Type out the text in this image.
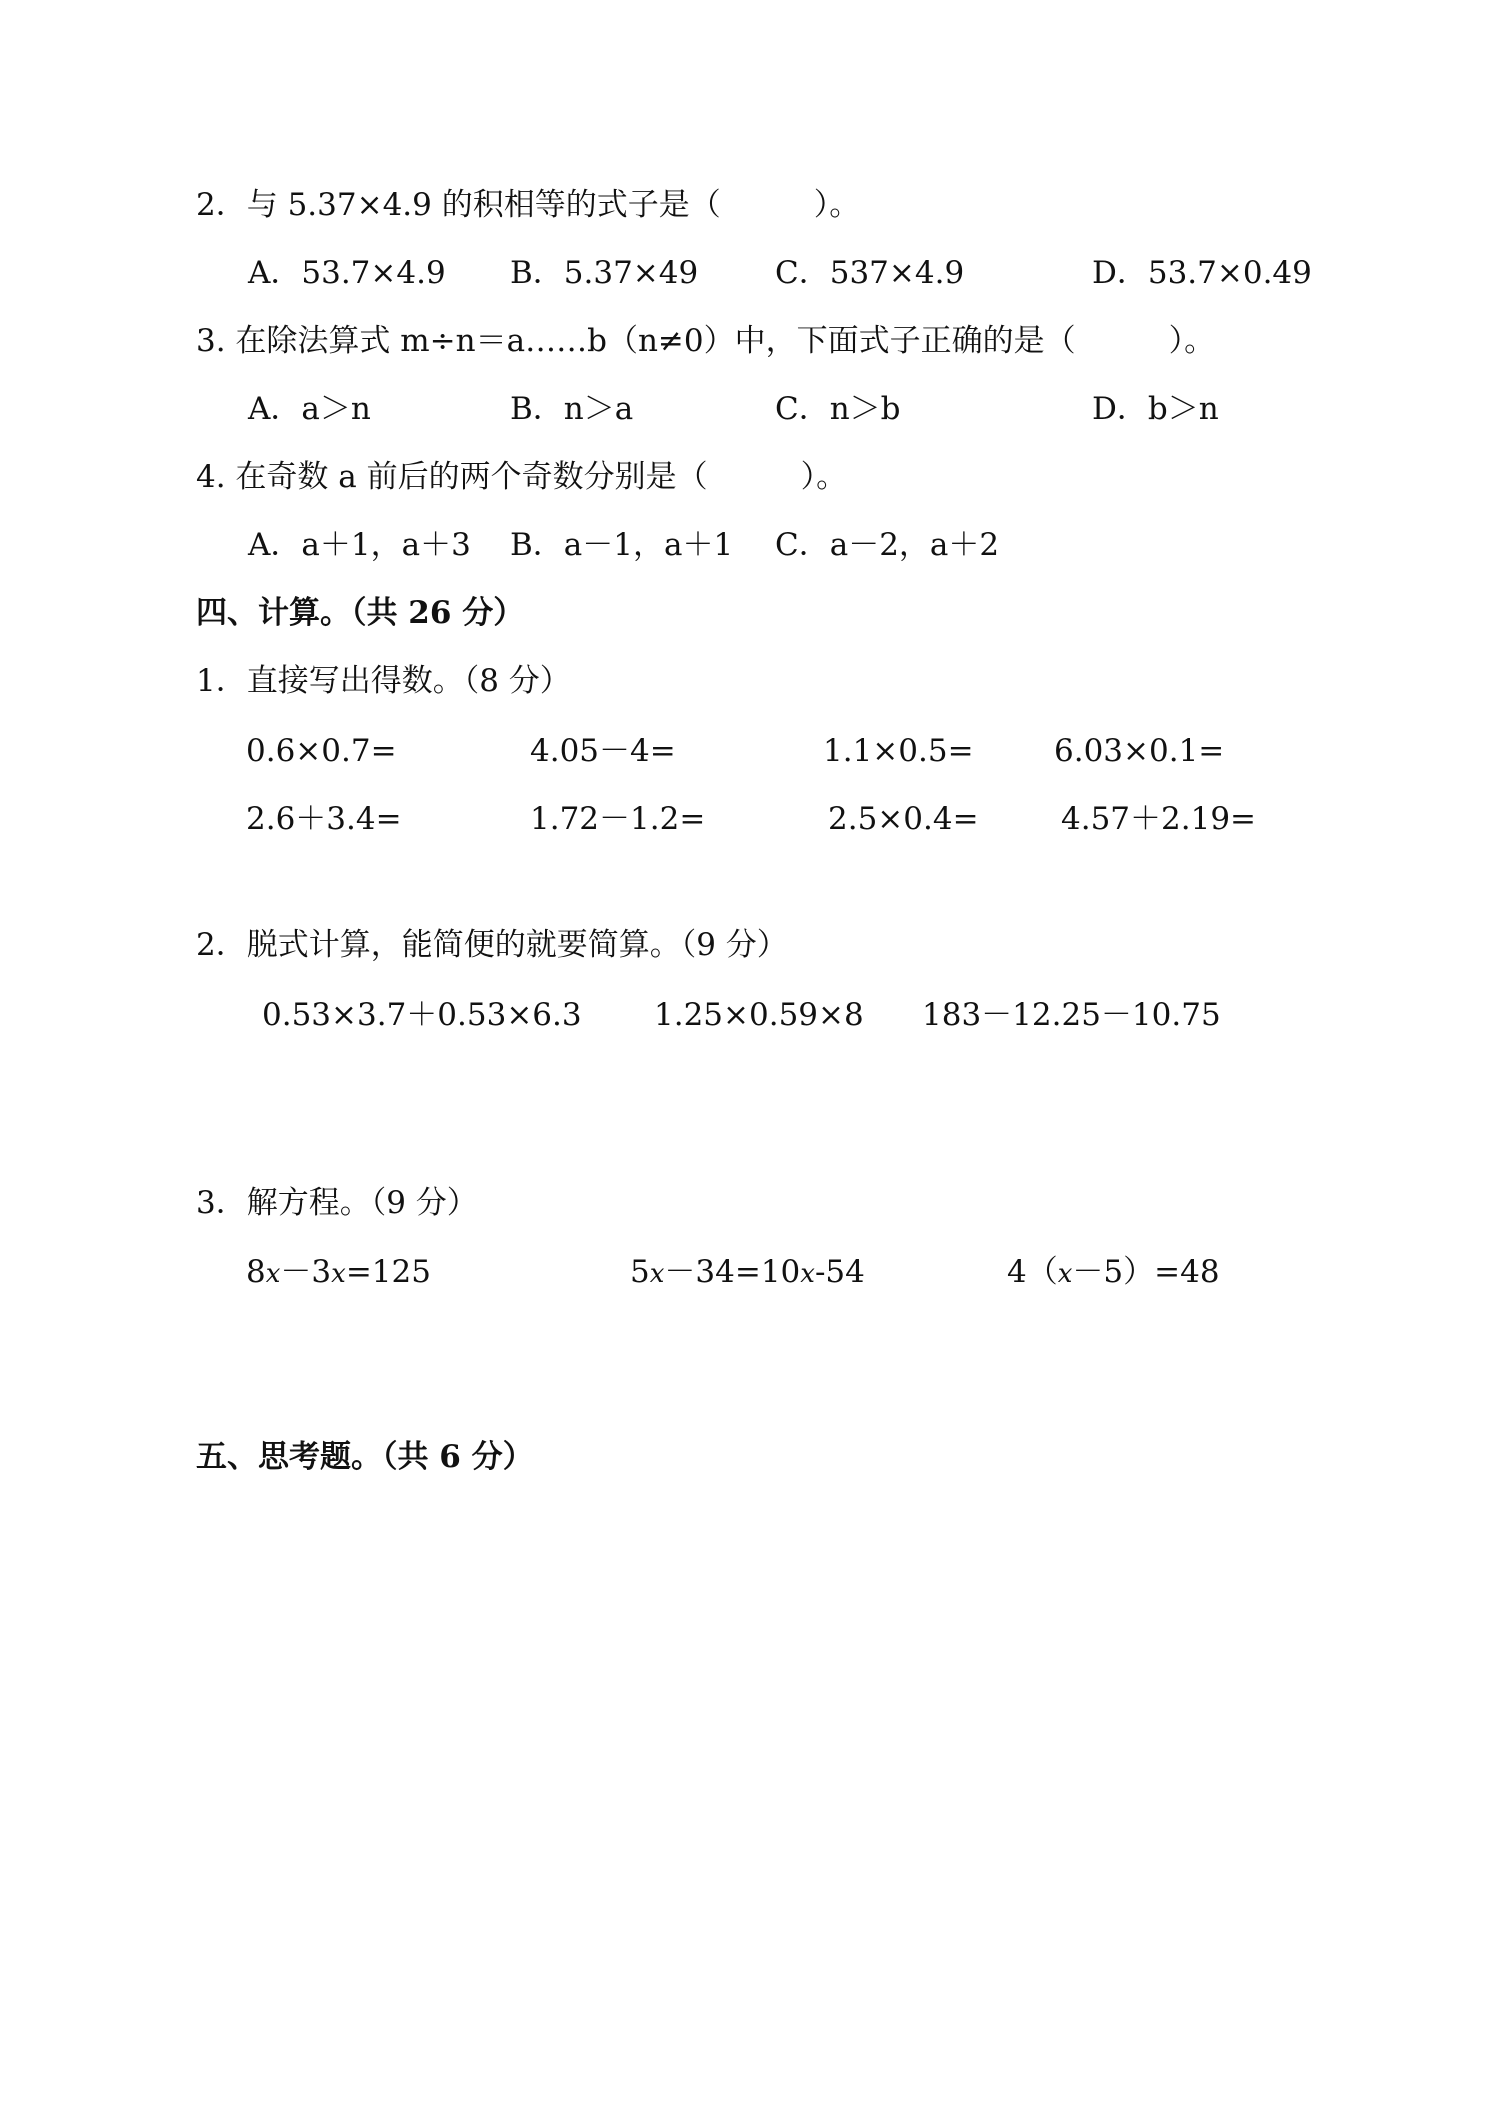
2．与 5.37×4.9 的积相等的式子是（　　　）。
A．53.7×4.9 B．5.37×49 C．537×4.9	D．53.7×0.49
3. 在除法算式 m÷n＝a……b（n≠0）中，下面式子正确的是（　　　）。
A．a＞n	B．n＞a	C．n＞b	D．b＞n
4. 在奇数 a 前后的两个奇数分别是（　　　）。
A．a＋1，a＋3 B．a－1，a＋1 C．a－2，a＋2
四、计算。（共 26 分）
1．直接写出得数。（8 分）
0.6×0.7=	4.05－4=	1.1×0.5=	6.03×0.1=
2.6＋3.4=	1.72－1.2=	2.5×0.4=	4.57＋2.19=
2．脱式计算，能简便的就要简算。（9 分）
0.53×3.7＋0.53×6.3 1.25×0.59×8 183－12.25－10.75
3．解方程。（9 分）
8x－3x=125	5x－34=10x-54	4（x－5）=48
五、思考题。（共 6 分）
